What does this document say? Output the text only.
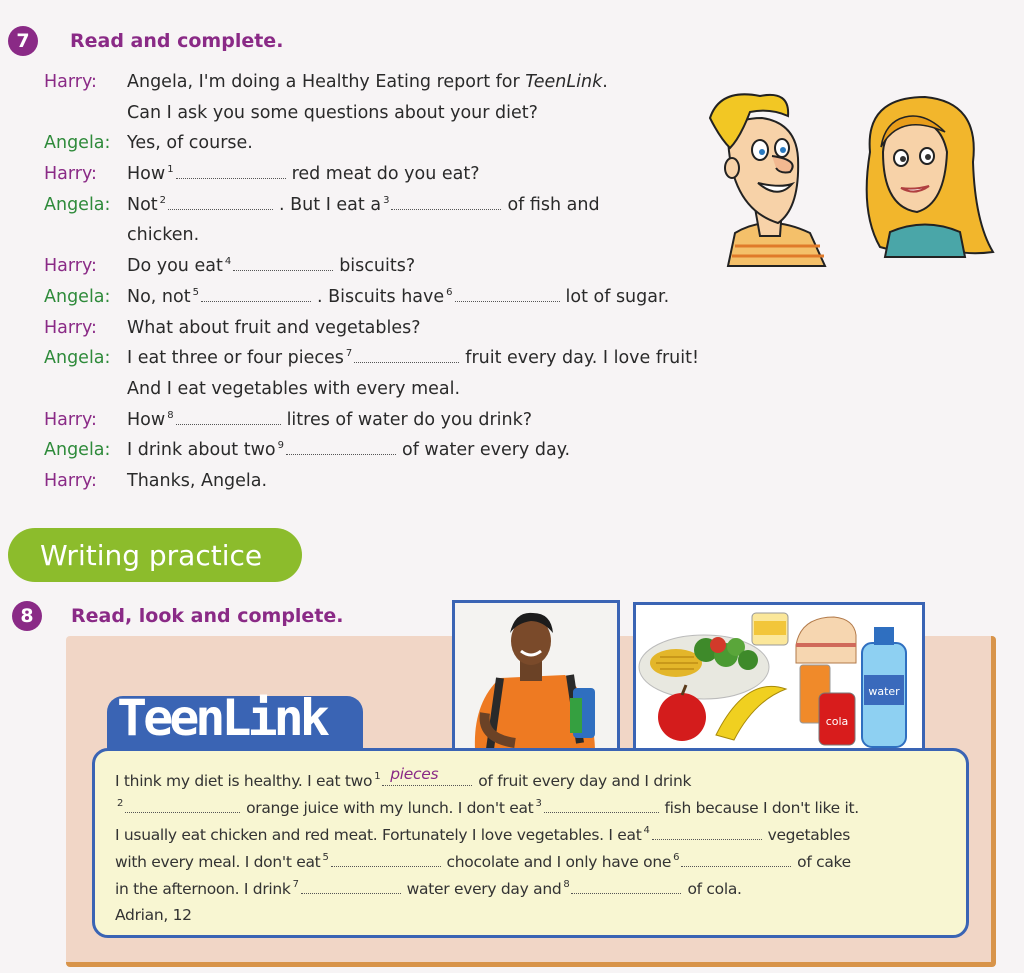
7	Read and complete.
Harry: Angela, I'm doing a Healthy Eating report for TeenLink.
Can I ask you some questions about your diet?
Angela: Yes, of course.
Harry: How $^1$	red meat do you eat?
Angela: Not $^2$	. But I eat a $^3$	of fish and
chicken.
Harry: Do you eat $^4$	biscuits?
Angela: No, not $^5$	. Biscuits have $^6$	lot of sugar.
Harry: What about fruit and vegetables?
Angela: I eat three or four pieces $^7$	fruit every day. I love fruit!
And I eat vegetables with every meal.
Harry: How $^8$	litres of water do you drink?
Angela: I drink about two $^9$	of water every day.
Harry: Thanks, Angela.
Writing practice
8	Read, look and complete.
cola
water
TeenLink
I think my diet is healthy. I eat two $^1$ pieces	of fruit every day and I drink
$^2$	orange juice with my lunch. I don't eat $^3$	fish because I don't like it.
I usually eat chicken and red meat. Fortunately I love vegetables. I eat $^4$	vegetables
with every meal. I don't eat $^5$	chocolate and I only have one $^6$	of cake
in the afternoon. I drink $^7$	water every day and $^8$	of cola.
Adrian, 12
